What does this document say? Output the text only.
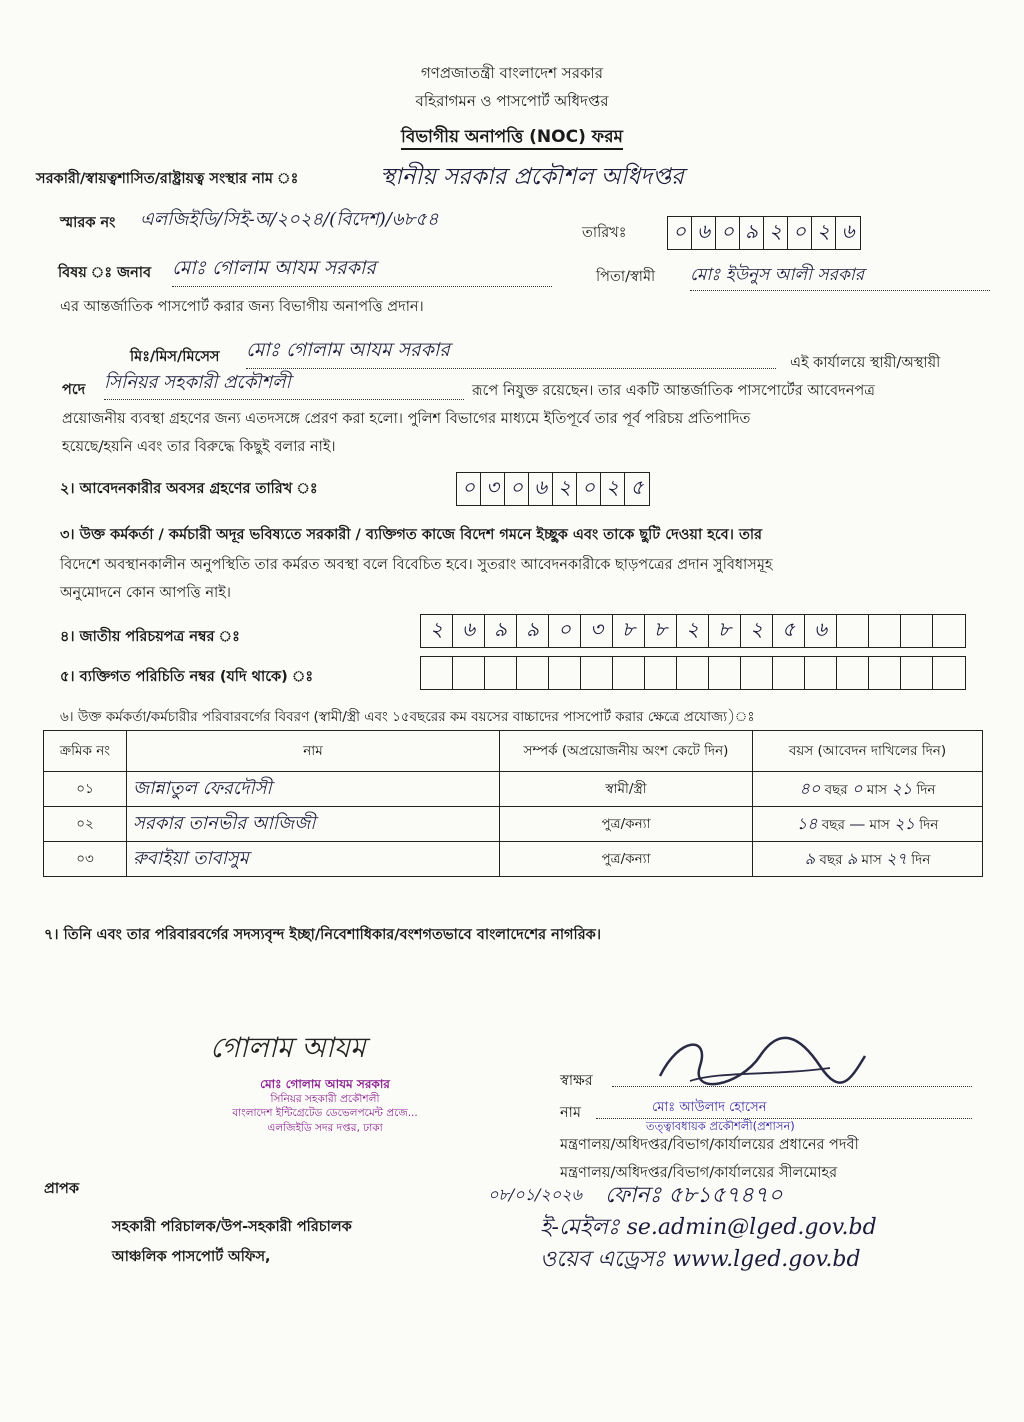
গণপ্রজাতন্ত্রী বাংলাদেশ সরকার
বহিরাগমন ও পাসপোর্ট অধিদপ্তর
বিভাগীয় অনাপত্তি (NOC) ফরম
সরকারী/স্বায়ত্বশাসিত/রাষ্ট্রায়ত্ব সংস্থার নাম ঃ	স্থানীয় সরকার প্রকৌশল অধিদপ্তর
স্মারক নং এলজিইডি/সিই-অ/২০২৪/(বিদেশ)/৬৮৫৪
তারিখঃ ০ ৬ ০ ৯ ২ ০ ২ ৬
বিষয় ঃ জনাব মোঃ গোলাম আযম সরকার	পিতা/স্বামী মোঃ ইউনুস আলী সরকার
এর আন্তর্জাতিক পাসপোর্ট করার জন্য বিভাগীয় অনাপত্তি প্রদান।
মিঃ/মিস/মিসেস মোঃ গোলাম আযম সরকার
এই কার্যালয়ে স্থায়ী/অস্থায়ী
পদে সিনিয়র সহকারী প্রকৌশলী	রূপে নিযুক্ত রয়েছেন। তার একটি আন্তর্জাতিক পাসপোর্টের আবেদনপত্র
প্রয়োজনীয় ব্যবস্থা গ্রহণের জন্য এতদসঙ্গে প্রেরণ করা হলো। পুলিশ বিভাগের মাধ্যমে ইতিপূর্বে তার পূর্ব পরিচয় প্রতিপাদিত
হয়েছে/হয়নি এবং তার বিরুদ্ধে কিছুই বলার নাই।
২। আবেদনকারীর অবসর গ্রহণের তারিখ ঃ	০ ৩ ০ ৬ ২ ০ ২ ৫
৩। উক্ত কর্মকর্তা / কর্মচারী অদূর ভবিষ্যতে সরকারী / ব্যক্তিগত কাজে বিদেশ গমনে ইচ্ছুক এবং তাকে ছুটি দেওয়া হবে। তার
বিদেশে অবস্থানকালীন অনুপস্থিতি তার কর্মরত অবস্থা বলে বিবেচিত হবে। সুতরাং আবেদনকারীকে ছাড়পত্রের প্রদান সুবিধাসমূহ
অনুমোদনে কোন আপত্তি নাই।
৪। জাতীয় পরিচয়পত্র নম্বর ঃ	২ ৬ ৯ ৯ ০ ৩ ৮ ৮ ২ ৮ ২ ৫ ৬
৫। ব্যক্তিগত পরিচিতি নম্বর (যদি থাকে) ঃ
৬। উক্ত কর্মকর্তা/কর্মচারীর পরিবারবর্গের বিবরণ (স্বামী/স্ত্রী এবং ১৫বছরের কম বয়সের বাচ্চাদের পাসপোর্ট করার ক্ষেত্রে প্রযোজ্য)ঃ
ক্রমিক নং	নাম	সম্পর্ক (অপ্রয়োজনীয় অংশ কেটে দিন)	বয়স (আবেদন দাখিলের দিন)
০১	জান্নাতুল ফেরদৌসী	স্বামী/স্ত্রী	৪০ বছর ০ মাস ২১ দিন
০২	সরকার তানভীর আজিজী	পুত্র/কন্যা	১৪ বছর — মাস ২১ দিন
০৩	রুবাইয়া তাবাসুম	পুত্র/কন্যা	৯ বছর ৯ মাস ২৭ দিন
৭। তিনি এবং তার পরিবারবর্গের সদস্যবৃন্দ ইচ্ছা/নিবেশাধিকার/বংশগতভাবে বাংলাদেশের নাগরিক।
গোলাম আযম
মোঃ গোলাম আযম সরকার
সিনিয়র সহকারী প্রকৌশলী
বাংলাদেশ ইন্টিগ্রেটেড ডেভেলপমেন্ট প্রজে...
এলজিইডি সদর দপ্তর, ঢাকা
স্বাক্ষর
নাম	মোঃ আউলাদ হোসেন
তত্ত্বাবধায়ক প্রকৌশলী(প্রশাসন)
মন্ত্রণালয়/অধিদপ্তর/বিভাগ/কার্যালয়ের প্রধানের পদবী
মন্ত্রণালয়/অধিদপ্তর/বিভাগ/কার্যালয়ের সীলমোহর
০৮/০১/২০২৬ ফোনঃ ৫৮১৫৭৪৭০
ই-মেইলঃ se.admin@lged.gov.bd
ওয়েব এড্রেসঃ www.lged.gov.bd
প্রাপক
সহকারী পরিচালক/উপ-সহকারী পরিচালক
আঞ্চলিক পাসপোর্ট অফিস,
